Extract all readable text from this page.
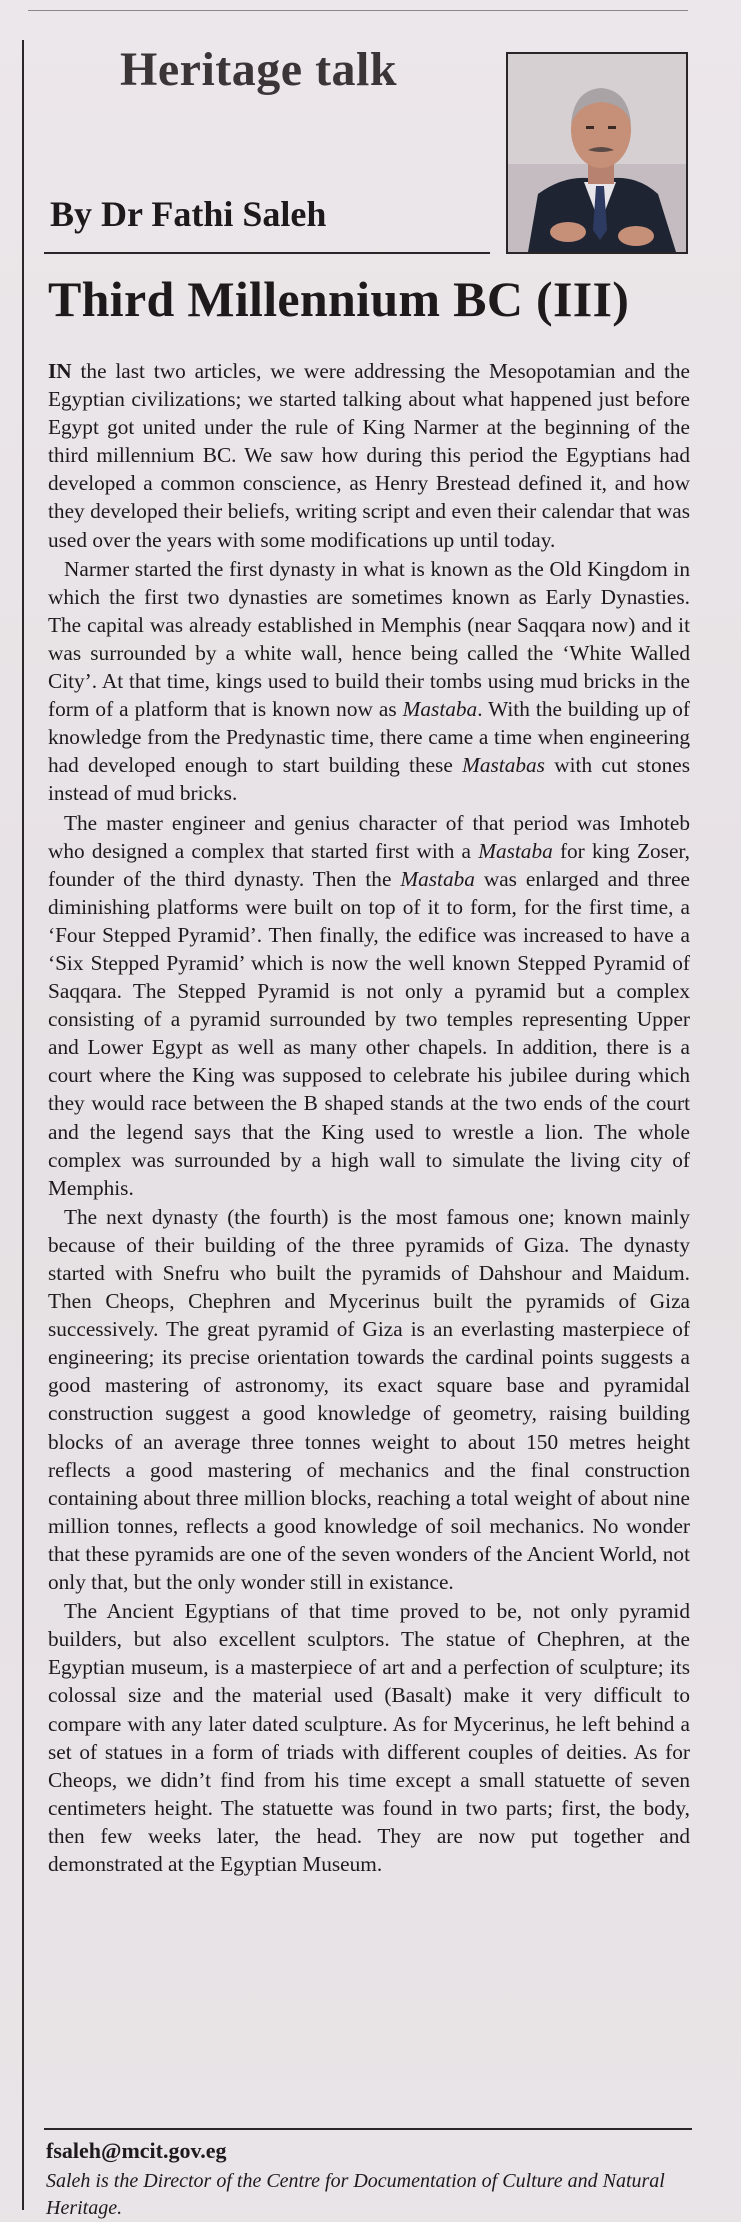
Heritage talk
By Dr Fathi Saleh
Third Millennium BC (III)

IN the last two articles, we were addressing the Mesopotamian and the Egyptian civilizations; we started talking about what happened just before Egypt got united under the rule of King Narmer at the beginning of the third millennium BC. We saw how during this period the Egyptians had developed a common conscience, as Henry Brestead defined it, and how they developed their beliefs, writing script and even their calendar that was used over the years with some modifications up until today.

Narmer started the first dynasty in what is known as the Old Kingdom in which the first two dynasties are sometimes known as Early Dynasties. The capital was already established in Memphis (near Saqqara now) and it was surrounded by a white wall, hence being called the ‘White Walled City’. At that time, kings used to build their tombs using mud bricks in the form of a platform that is known now as Mastaba. With the building up of knowledge from the Predynastic time, there came a time when engineering had developed enough to start building these Mastabas with cut stones instead of mud bricks.

The master engineer and genius character of that period was Imhoteb who designed a complex that started first with a Mastaba for king Zoser, founder of the third dynasty. Then the Mastaba was enlarged and three diminishing platforms were built on top of it to form, for the first time, a ‘Four Stepped Pyramid’. Then finally, the edifice was increased to have a ‘Six Stepped Pyramid’ which is now the well known Stepped Pyramid of Saqqara. The Stepped Pyramid is not only a pyramid but a complex consisting of a pyramid surrounded by two temples representing Upper and Lower Egypt as well as many other chapels. In addition, there is a court where the King was supposed to celebrate his jubilee during which they would race between the B shaped stands at the two ends of the court and the legend says that the King used to wrestle a lion. The whole complex was surrounded by a high wall to simulate the living city of Memphis.

The next dynasty (the fourth) is the most famous one; known mainly because of their building of the three pyramids of Giza. The dynasty started with Snefru who built the pyramids of Dahshour and Maidum. Then Cheops, Chephren and Mycerinus built the pyramids of Giza successively. The great pyramid of Giza is an everlasting masterpiece of engineering; its precise orientation towards the cardinal points suggests a good mastering of astronomy, its exact square base and pyramidal construction suggest a good knowledge of geometry, raising building blocks of an average three tonnes weight to about 150 metres height reflects a good mastering of mechanics and the final construction containing about three million blocks, reaching a total weight of about nine million tonnes, reflects a good knowledge of soil mechanics. No wonder that these pyramids are one of the seven wonders of the Ancient World, not only that, but the only wonder still in existance.

The Ancient Egyptians of that time proved to be, not only pyramid builders, but also excellent sculptors. The statue of Chephren, at the Egyptian museum, is a masterpiece of art and a perfection of sculpture; its colossal size and the material used (Basalt) make it very difficult to compare with any later dated sculpture. As for Mycerinus, he left behind a set of statues in a form of triads with different couples of deities. As for Cheops, we didn’t find from his time except a small statuette of seven centimeters height. The statuette was found in two parts; first, the body, then few weeks later, the head. They are now put together and demonstrated at the Egyptian Museum.

fsaleh@mcit.gov.eg
Saleh is the Director of the Centre for Documentation of Culture and Natural Heritage.
